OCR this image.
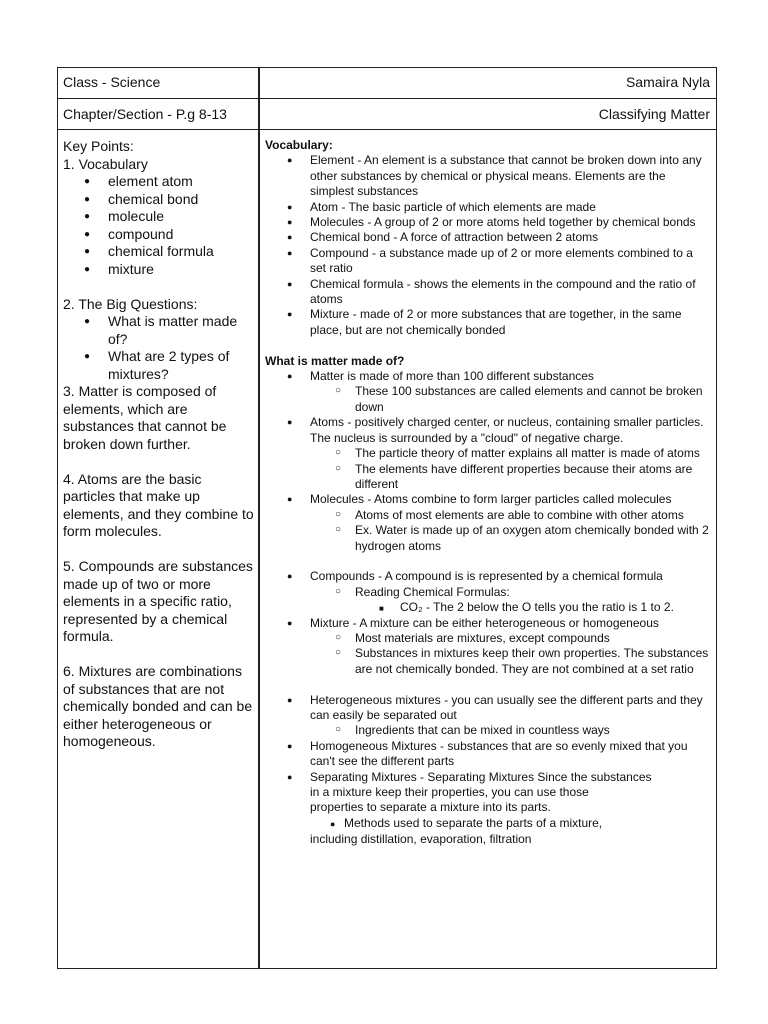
Class - Science	Samaira Nyla
Chapter/Section - P.g 8-13	Classifying Matter

Key Points:

1. Vocabulary

● element atom
● chemical bond
● molecule
● compound
● chemical formula
● mixture

2. The Big Questions:

● What is matter made of?
● What are 2 types of mixtures?

3. Matter is composed of elements, which are substances that cannot be broken down further.

4. Atoms are the basic particles that make up elements, and they combine to form molecules.

5. Compounds are substances made up of two or more elements in a specific ratio, represented by a chemical formula.

6. Mixtures are combinations of substances that are not chemically bonded and can be either heterogeneous or homogeneous.

Vocabulary:

● Element - An element is a substance that cannot be broken down into any other substances by chemical or physical means. Elements are the simplest substances
● Atom - The basic particle of which elements are made
● Molecules - A group of 2 or more atoms held together by chemical bonds
● Chemical bond - A force of attraction between 2 atoms
● Compound - a substance made up of 2 or more elements combined to a set ratio
● Chemical formula - shows the elements in the compound and the ratio of atoms
● Mixture - made of 2 or more substances that are together, in the same place, but are not chemically bonded

What is matter made of?

● Matter is made of more than 100 different substances
○ These 100 substances are called elements and cannot be broken down
● Atoms - positively charged center, or nucleus, containing smaller particles. The nucleus is surrounded by a "cloud" of negative charge.
○ The particle theory of matter explains all matter is made of atoms
○ The elements have different properties because their atoms are different
● Molecules - Atoms combine to form larger particles called molecules
○ Atoms of most elements are able to combine with other atoms
○ Ex. Water is made up of an oxygen atom chemically bonded with 2 hydrogen atoms
● Compounds - A compound is is represented by a chemical formula
○ Reading Chemical Formulas:
■ CO₂ - The 2 below the O tells you the ratio is 1 to 2.
● Mixture - A mixture can be either heterogeneous or homogeneous
○ Most materials are mixtures, except compounds
○ Substances in mixtures keep their own properties. The substances are not chemically bonded. They are not combined at a set ratio
● Heterogeneous mixtures - you can usually see the different parts and they can easily be separated out
○ Ingredients that can be mixed in countless ways
● Homogeneous Mixtures - substances that are so evenly mixed that you can't see the different parts
● Separating Mixtures - Separating Mixtures Since the substances
in a mixture keep their properties, you can use those
properties to separate a mixture into its parts.
● Methods used to separate the parts of a mixture,
including distillation, evaporation, filtration
